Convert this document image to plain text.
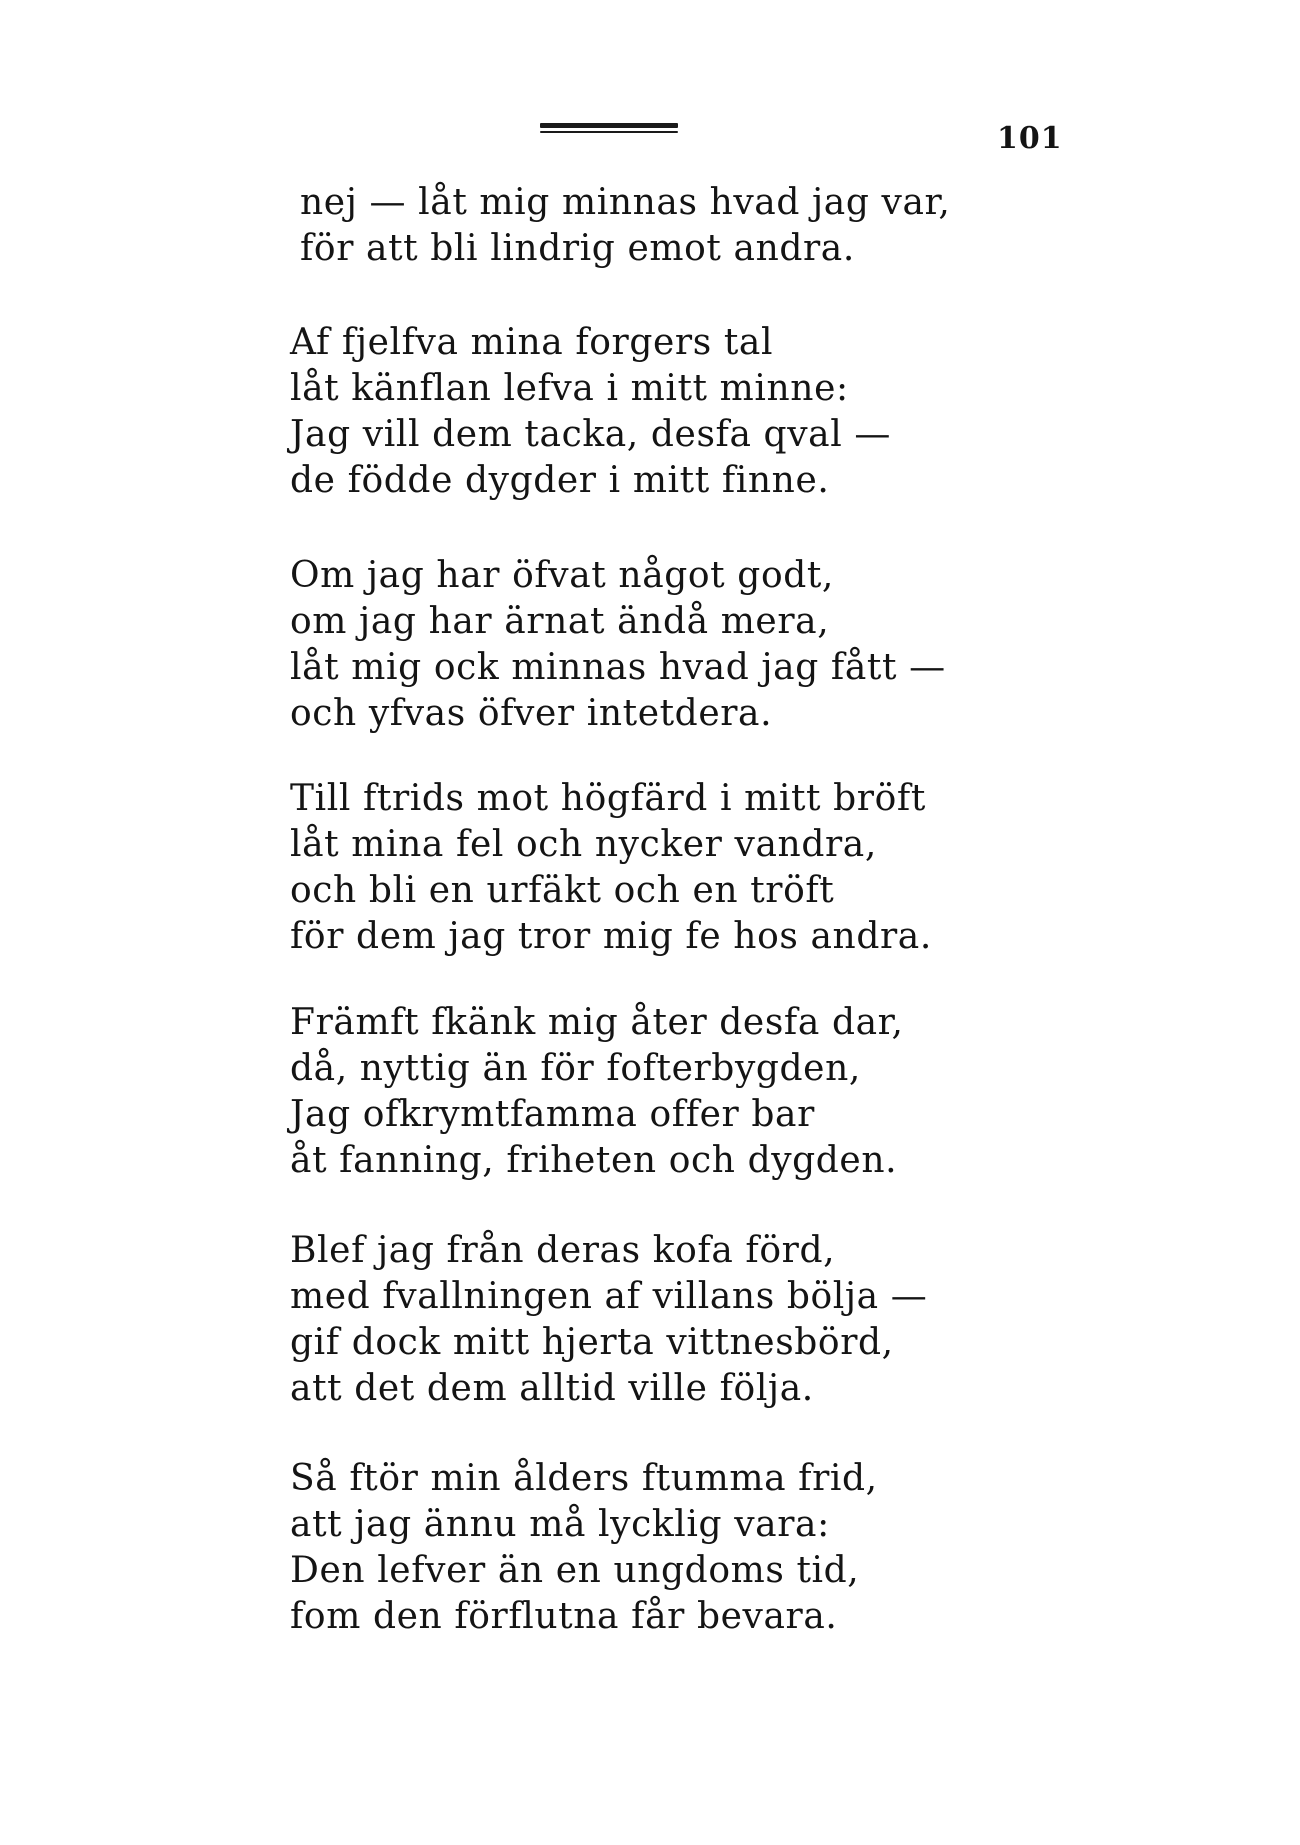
101
nej — låt mig minnas hvad jag var,
för att bli lindrig emot andra.
Af fjelfva mina forgers tal
låt känflan lefva i mitt minne:
Jag vill dem tacka, desfa qval —
de födde dygder i mitt finne.
Om jag har öfvat något godt,
om jag har ärnat ändå mera,
låt mig ock minnas hvad jag fått —
och yfvas öfver intetdera.
Till ftrids mot högfärd i mitt bröft
låt mina fel och nycker vandra,
och bli en urfäkt och en tröft
för dem jag tror mig fe hos andra.
Främft fkänk mig åter desfa dar,
då, nyttig än för fofterbygden,
Jag ofkrymtfamma offer bar
åt fanning, friheten och dygden.
Blef jag från deras kofa förd,
med fvallningen af villans bölja —
gif dock mitt hjerta vittnesbörd,
att det dem alltid ville följa.
Så ftör min ålders ftumma frid,
att jag ännu må lycklig vara:
Den lefver än en ungdoms tid,
fom den förflutna får bevara.
